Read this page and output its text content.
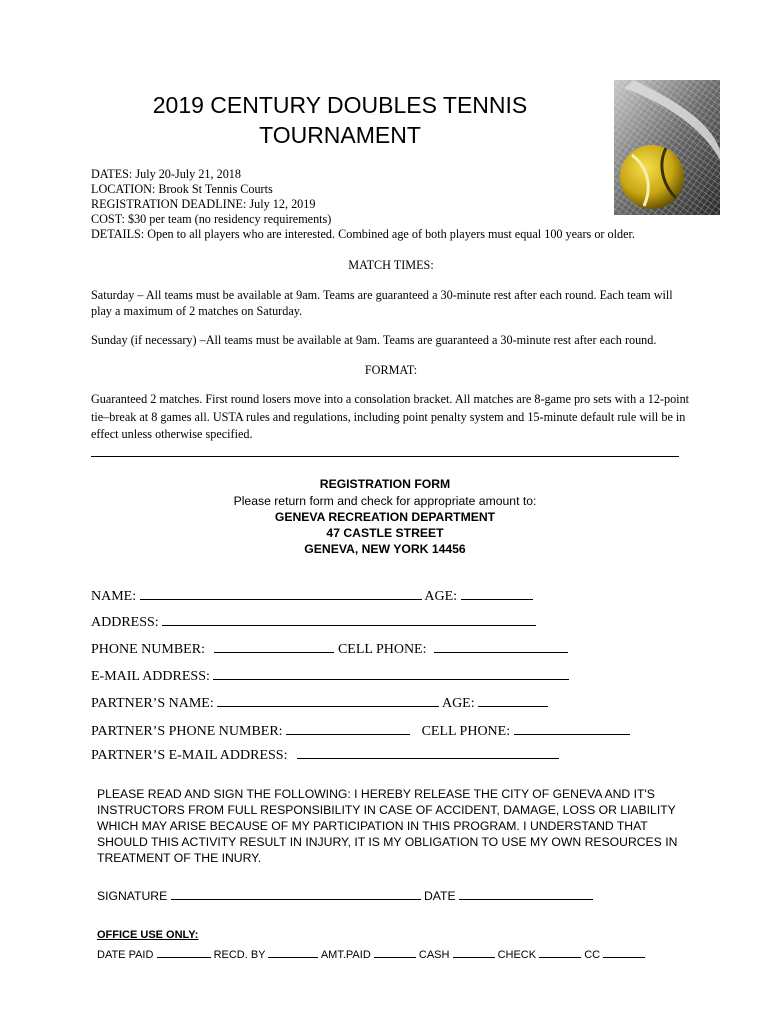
2019 CENTURY DOUBLES TENNIS
TOURNAMENT
DATES: July 20-July 21, 2018
LOCATION: Brook St Tennis Courts
REGISTRATION DEADLINE: July 12, 2019
COST: $30 per team (no residency requirements)
DETAILS: Open to all players who are interested. Combined age of both players must equal 100 years or older.
MATCH TIMES:
Saturday – All teams must be available at 9am. Teams are guaranteed a 30-minute rest after each round. Each team will play a maximum of 2 matches on Saturday.
Sunday (if necessary) –All teams must be available at 9am. Teams are guaranteed a 30-minute rest after each round.
FORMAT:
Guaranteed 2 matches. First round losers move into a consolation bracket. All matches are 8-game pro sets with a 12-point tie–break at 8 games all. USTA rules and regulations, including point penalty system and 15-minute default rule will be in effect unless otherwise specified.
REGISTRATION FORM
Please return form and check for appropriate amount to:
GENEVA RECREATION DEPARTMENT
47 CASTLE STREET
GENEVA, NEW YORK 14456
NAME:	AGE:
ADDRESS:
PHONE NUMBER:	CELL PHONE:
E-MAIL ADDRESS:
PARTNER’S NAME:	AGE:
PARTNER’S PHONE NUMBER:	CELL PHONE:
PARTNER’S E-MAIL ADDRESS:
PLEASE READ AND SIGN THE FOLLOWING: I HEREBY RELEASE THE CITY OF GENEVA AND IT'S INSTRUCTORS FROM FULL RESPONSIBILITY IN CASE OF ACCIDENT, DAMAGE, LOSS OR LIABILITY WHICH MAY ARISE BECAUSE OF MY PARTICIPATION IN THIS PROGRAM. I UNDERSTAND THAT SHOULD THIS ACTIVITY RESULT IN INJURY, IT IS MY OBLIGATION TO USE MY OWN RESOURCES IN TREATMENT OF THE INURY.
SIGNATURE	DATE
OFFICE USE ONLY:
DATE PAID	RECD. BY	AMT.PAID	CASH	CHECK	CC
